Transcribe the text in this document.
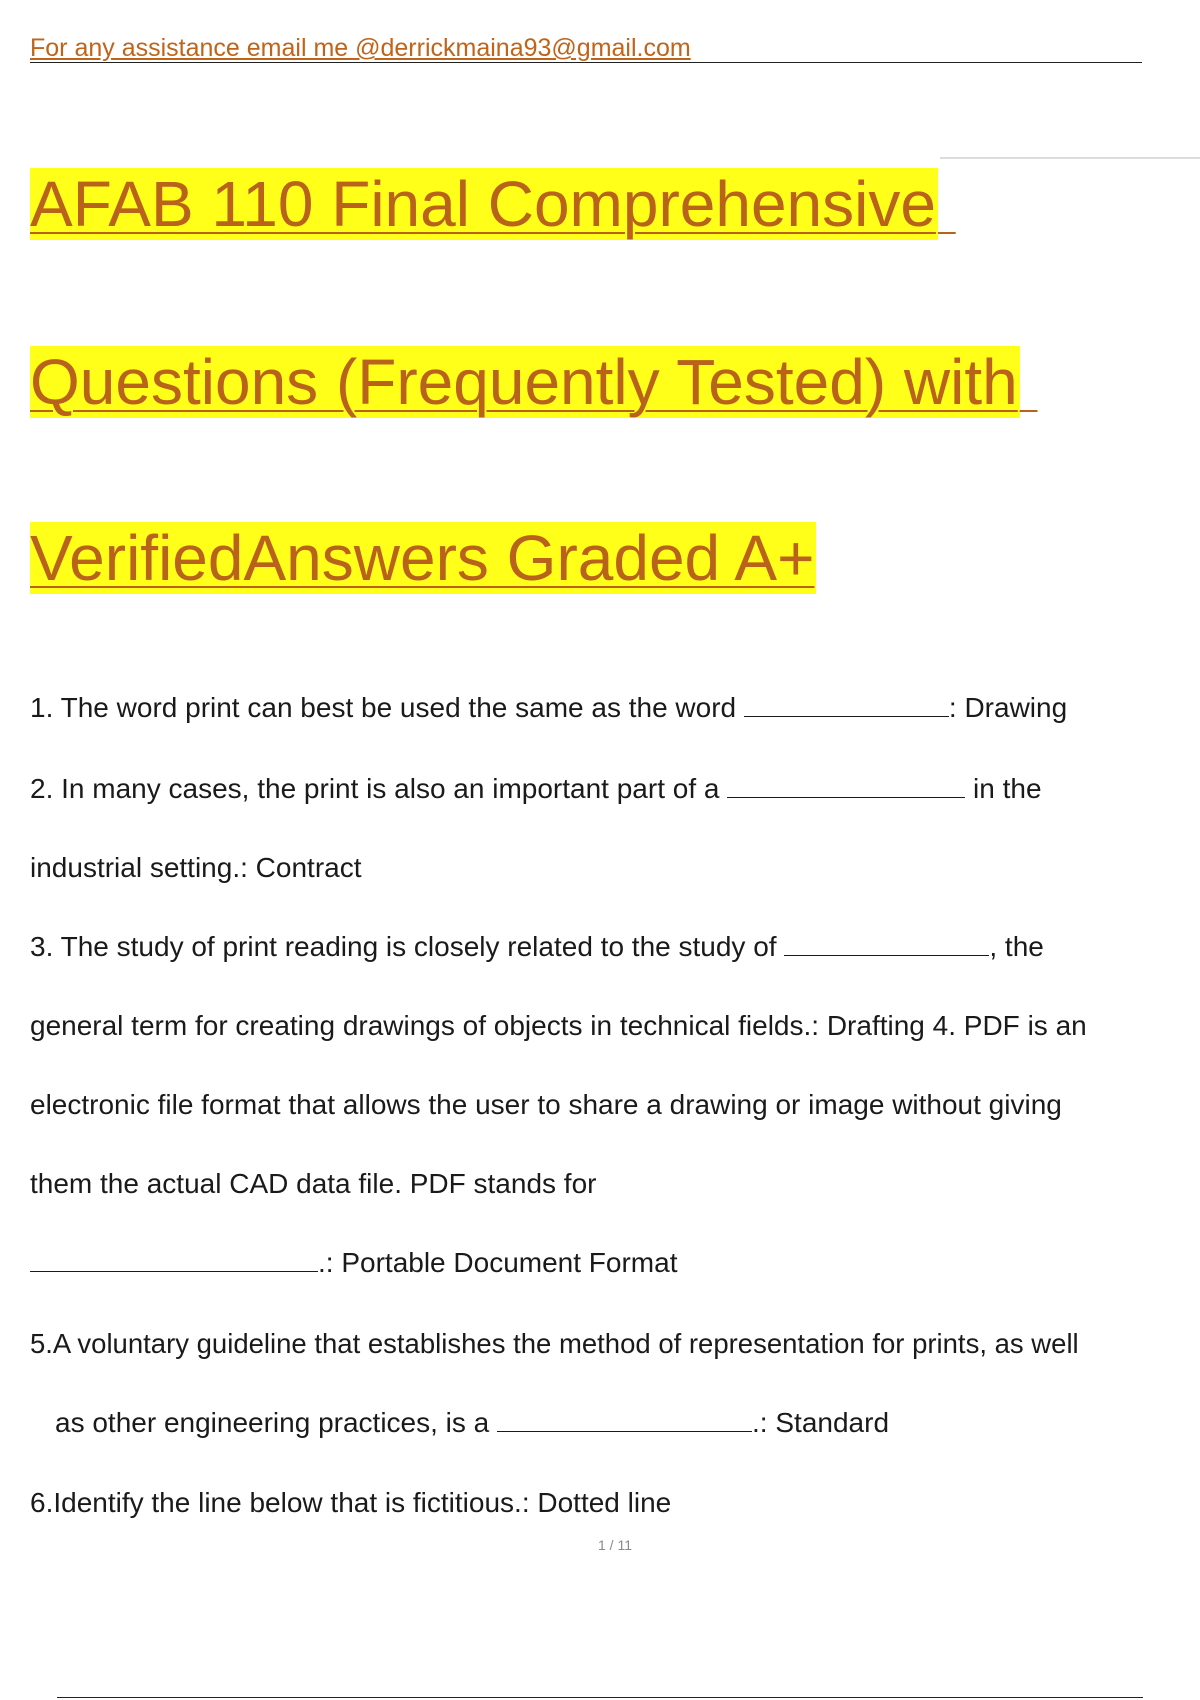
For any assistance email me @derrickmaina93@gmail.com
AFAB 110 Final Comprehensive
Questions (Frequently Tested) with
VerifiedAnswers Graded A+
1. The word print can best be used the same as the word	: Drawing
2. In many cases, the print is also an important part of a	in the
industrial setting.: Contract
3. The study of print reading is closely related to the study of	, the
general term for creating drawings of objects in technical fields.: Drafting 4. PDF is an
electronic file format that allows the user to share a drawing or image without giving
them the actual CAD data file. PDF stands for
.: Portable Document Format
5.A voluntary guideline that establishes the method of representation for prints, as well
as other engineering practices, is a	.: Standard
6.Identify the line below that is fictitious.: Dotted line
1 / 11
